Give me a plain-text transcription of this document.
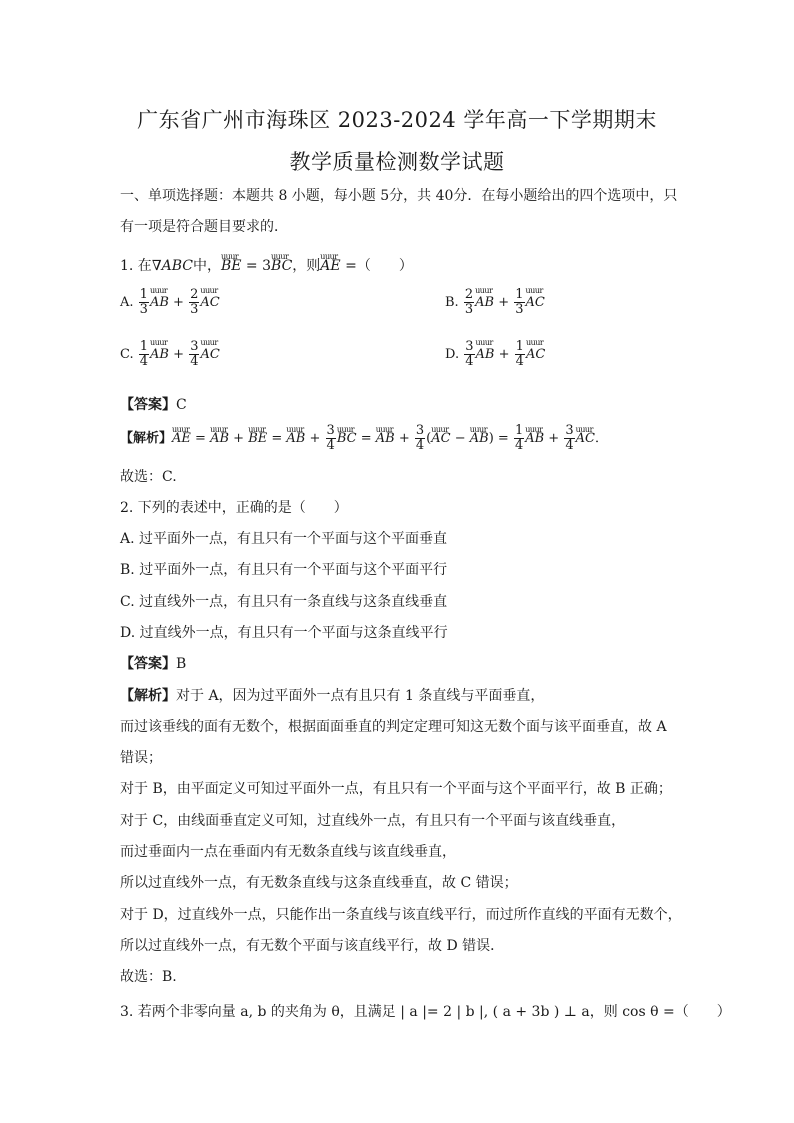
广东省广州市海珠区 2023-2024 学年高一下学期期末
教学质量检测数学试题
一、单项选择题：本题共 8 小题，每小题 5分，共 40分．在每小题给出的四个选项中，只
有一项是符合题目要求的．
1. 在∇ABC中，uuur BE = 3uuur BC，则uuur AE =（　　）
A. $\frac{1}{3}$ uuur AB + $\frac{2}{3}$ uuur AC	B. $\frac{2}{3}$ uuur AB + $\frac{1}{3}$ uuur AC
C. $\frac{1}{4}$ uuur AB + $\frac{3}{4}$ uuur AC	D. $\frac{3}{4}$ uuur AB + $\frac{1}{4}$ uuur AC
【答案】C
【解析】uuur AE = uuur AB + uuur BE = uuur AB + $\frac{3}{4}$ uuur BC = uuur AB + $\frac{3}{4}$ (uuur AC − uuur $AB) = \frac{1}{4}$ uuur AB + $\frac{3}{4}$ uuur AC．
故选：C.
2. 下列的表述中，正确的是（　　）
A. 过平面外一点，有且只有一个平面与这个平面垂直
B. 过平面外一点，有且只有一个平面与这个平面平行
C. 过直线外一点，有且只有一条直线与这条直线垂直
D. 过直线外一点，有且只有一个平面与这条直线平行
【答案】B
【解析】对于 A，因为过平面外一点有且只有 1 条直线与平面垂直，
而过该垂线的面有无数个，根据面面垂直的判定定理可知这无数个面与该平面垂直，故 A
错误；
对于 B，由平面定义可知过平面外一点，有且只有一个平面与这个平面平行，故 B 正确；
对于 C，由线面垂直定义可知，过直线外一点，有且只有一个平面与该直线垂直，
而过垂面内一点在垂面内有无数条直线与该直线垂直，
所以过直线外一点，有无数条直线与这条直线垂直，故 C 错误；
对于 D，过直线外一点，只能作出一条直线与该直线平行，而过所作直线的平面有无数个，
所以过直线外一点，有无数个平面与该直线平行，故 D 错误．
故选：B.
3. 若两个非零向量 a, b 的夹角为 θ，且满足 | a |= 2 | b |, ( a + 3b ) ⊥ a，则 cos θ =（　　）
